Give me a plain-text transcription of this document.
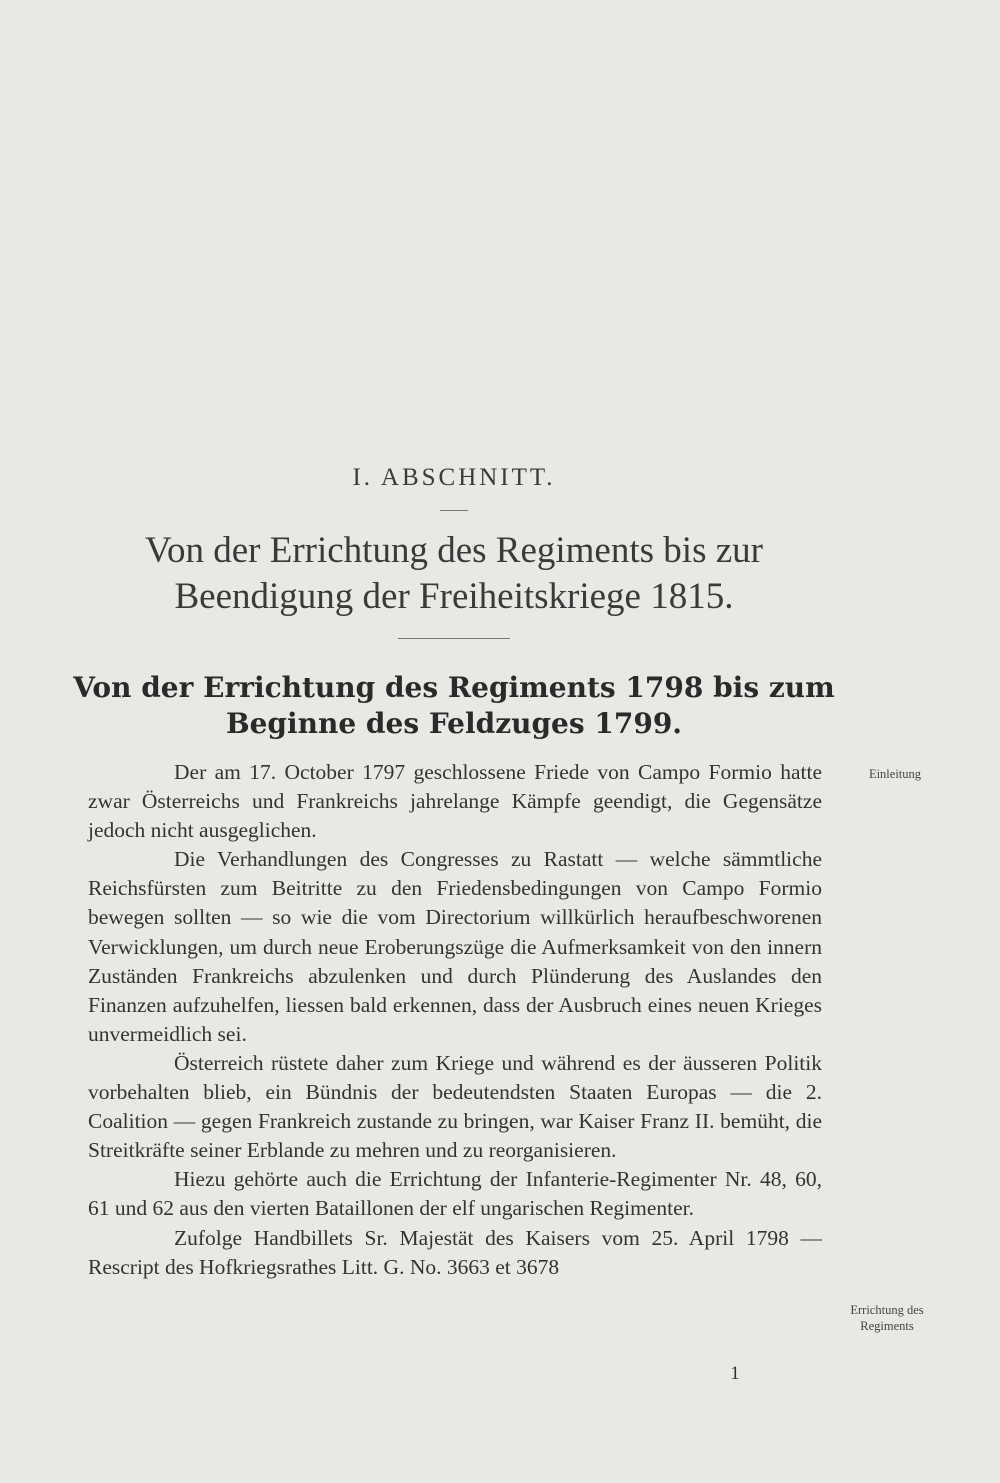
I. ABSCHNITT.
Von der Errichtung des Regiments bis zur
Beendigung der Freiheitskriege 1815.
Von der Errichtung des Regiments 1798 bis zum
Beginne des Feldzuges 1799.

Der am 17. October 1797 geschlossene Friede von Campo Formio hatte zwar Österreichs und Frankreichs jahrelange Kämpfe geendigt, die Gegensätze jedoch nicht ausgeglichen.

Die Verhandlungen des Congresses zu Rastatt — welche sämmtliche Reichsfürsten zum Beitritte zu den Friedensbedingungen von Campo Formio bewegen sollten — so wie die vom Directorium willkürlich heraufbeschworenen Verwicklungen, um durch neue Eroberungszüge die Aufmerksamkeit von den innern Zuständen Frankreichs abzulenken und durch Plünderung des Auslandes den Finanzen aufzuhelfen, liessen bald erkennen, dass der Ausbruch eines neuen Krieges unvermeidlich sei.

Österreich rüstete daher zum Kriege und während es der äusseren Politik vorbehalten blieb, ein Bündnis der bedeutendsten Staaten Europas — die 2. Coalition — gegen Frankreich zustande zu bringen, war Kaiser Franz II. bemüht, die Streitkräfte seiner Erblande zu mehren und zu reorganisieren.

Hiezu gehörte auch die Errichtung der Infanterie-Regimenter Nr. 48, 60, 61 und 62 aus den vierten Bataillonen der elf ungarischen Regimenter.

Zufolge Handbillets Sr. Majestät des Kaisers vom 25. April 1798 — Rescript des Hofkriegsrathes Litt. G. No. 3663 et 3678

Einleitung
Errichtung des Regiments
1
